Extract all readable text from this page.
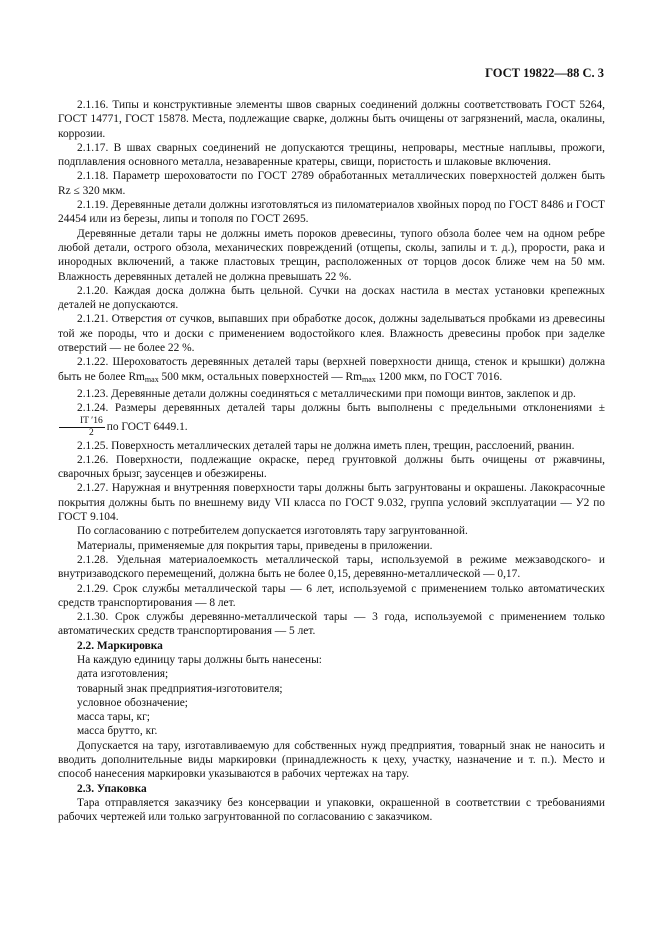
ГОСТ 19822—88 С. 3

2.1.16. Типы и конструктивные элементы швов сварных соединений должны соответствовать ГОСТ 5264, ГОСТ 14771, ГОСТ 15878. Места, подлежащие сварке, должны быть очищены от загрязнений, масла, окалины, коррозии.

2.1.17. В швах сварных соединений не допускаются трещины, непровары, местные наплывы, прожоги, подплавления основного металла, незаваренные кратеры, свищи, пористость и шлаковые включения.

2.1.18. Параметр шероховатости по ГОСТ 2789 обработанных металлических поверхностей должен быть Rz ≤ 320 мкм.

2.1.19. Деревянные детали должны изготовляться из пиломатериалов хвойных пород по ГОСТ 8486 и ГОСТ 24454 или из березы, липы и тополя по ГОСТ 2695.

Деревянные детали тары не должны иметь пороков древесины, тупого обзола более чем на одном ребре любой детали, острого обзола, механических повреждений (отщепы, сколы, запилы и т. д.), прорости, рака и инородных включений, а также пластовых трещин, расположенных от торцов досок ближе чем на 50 мм. Влажность деревянных деталей не должна превышать 22 %.

2.1.20. Каждая доска должна быть цельной. Сучки на досках настила в местах установки крепежных деталей не допускаются.

2.1.21. Отверстия от сучков, выпавших при обработке досок, должны заделываться пробками из древесины той же породы, что и доски с применением водостойкого клея. Влажность древесины пробок при заделке отверстий — не более 22 %.

2.1.22. Шероховатость деревянных деталей тары (верхней поверхности днища, стенок и крышки) должна быть не более $Rm_{max}$ 500 мкм, остальных поверхностей — $Rm_{max}$ 1200 мкм, по ГОСТ 7016.

2.1.23. Деревянные детали должны соединяться с металлическими при помощи винтов, заклепок и др.

2.1.24. Размеры деревянных деталей тары должны быть выполнены с предельными отклонениями ±
$\frac{IT '16}{2}$ по ГОСТ 6449.1.

2.1.25. Поверхность металлических деталей тары не должна иметь плен, трещин, расслоений, рванин.

2.1.26. Поверхности, подлежащие окраске, перед грунтовкой должны быть очищены от ржавчины, сварочных брызг, заусенцев и обезжирены.

2.1.27. Наружная и внутренняя поверхности тары должны быть загрунтованы и окрашены. Лакокрасочные покрытия должны быть по внешнему виду VII класса по ГОСТ 9.032, группа условий эксплуатации — У2 по ГОСТ 9.104.

По согласованию с потребителем допускается изготовлять тару загрунтованной.

Материалы, применяемые для покрытия тары, приведены в приложении.

2.1.28. Удельная материалоемкость металлической тары, используемой в режиме межзаводского- и внутризаводского перемещений, должна быть не более 0,15, деревянно-металлической — 0,17.

2.1.29. Срок службы металлической тары — 6 лет, используемой с применением только автоматических средств транспортирования — 8 лет.

2.1.30. Срок службы деревянно-металлической тары — 3 года, используемой с применением только автоматических средств транспортирования — 5 лет.

2.2. Маркировка

На каждую единицу тары должны быть нанесены:

дата изготовления;

товарный знак предприятия-изготовителя;

условное обозначение;

масса тары, кг;

масса брутто, кг.

Допускается на тару, изготавливаемую для собственных нужд предприятия, товарный знак не наносить и вводить дополнительные виды маркировки (принадлежность к цеху, участку, назначение и т. п.). Место и способ нанесения маркировки указываются в рабочих чертежах на тару.

2.3. Упаковка

Тара отправляется заказчику без консервации и упаковки, окрашенной в соответствии с требованиями рабочих чертежей или только загрунтованной по согласованию с заказчиком.
